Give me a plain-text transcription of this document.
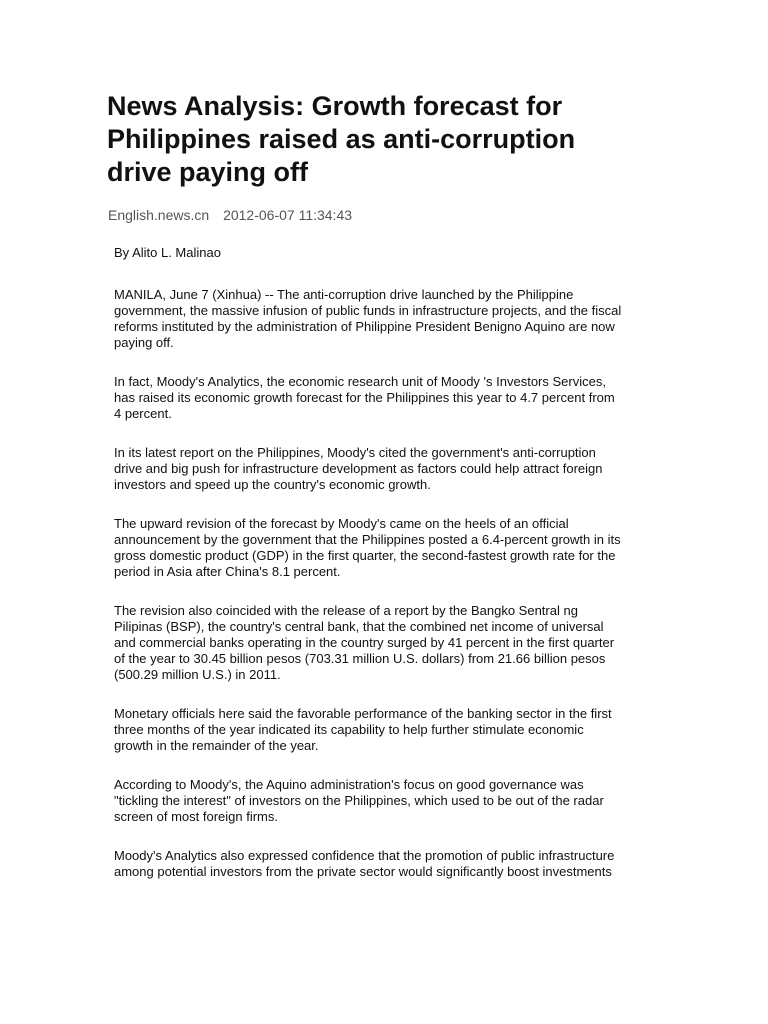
News Analysis: Growth forecast for
Philippines raised as anti-corruption
drive paying off
English.news.cn 2012-06-07 11:34:43

By Alito L. Malinao

MANILA, June 7 (Xinhua) -- The anti-corruption drive launched by the Philippine
government, the massive infusion of public funds in infrastructure projects, and the fiscal
reforms instituted by the administration of Philippine President Benigno Aquino are now
paying off.

In fact, Moody's Analytics, the economic research unit of Moody 's Investors Services,
has raised its economic growth forecast for the Philippines this year to 4.7 percent from
4 percent.

In its latest report on the Philippines, Moody's cited the government's anti-corruption
drive and big push for infrastructure development as factors could help attract foreign
investors and speed up the country's economic growth.

The upward revision of the forecast by Moody's came on the heels of an official
announcement by the government that the Philippines posted a 6.4-percent growth in its
gross domestic product (GDP) in the first quarter, the second-fastest growth rate for the
period in Asia after China's 8.1 percent.

The revision also coincided with the release of a report by the Bangko Sentral ng
Pilipinas (BSP), the country's central bank, that the combined net income of universal
and commercial banks operating in the country surged by 41 percent in the first quarter
of the year to 30.45 billion pesos (703.31 million U.S. dollars) from 21.66 billion pesos
(500.29 million U.S.) in 2011.

Monetary officials here said the favorable performance of the banking sector in the first
three months of the year indicated its capability to help further stimulate economic
growth in the remainder of the year.

According to Moody's, the Aquino administration's focus on good governance was
"tickling the interest" of investors on the Philippines, which used to be out of the radar
screen of most foreign firms.

Moody's Analytics also expressed confidence that the promotion of public infrastructure
among potential investors from the private sector would significantly boost investments
